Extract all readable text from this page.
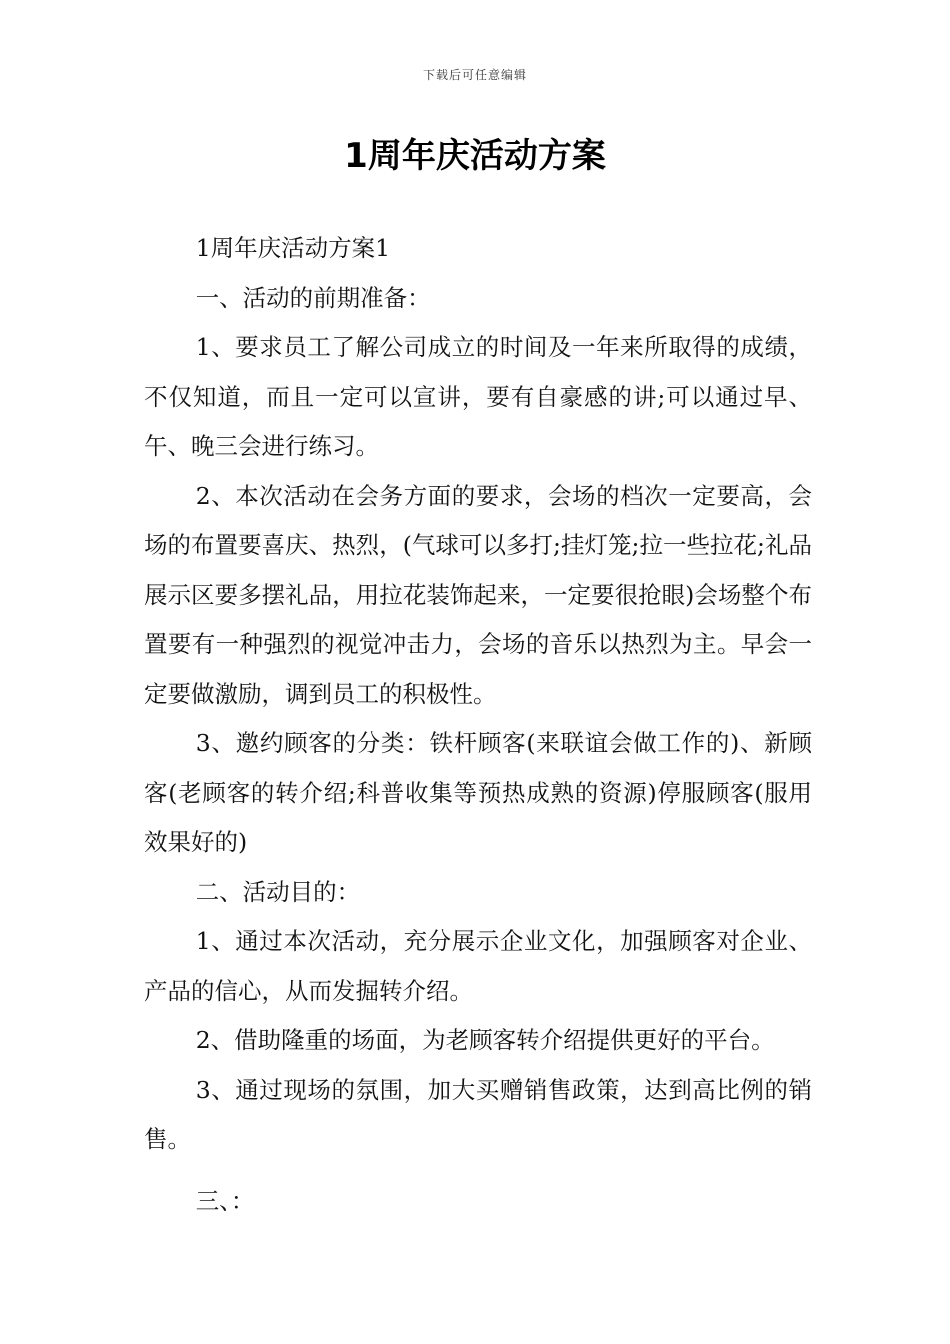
下载后可任意编辑
1周年庆活动方案

1周年庆活动方案1

一、活动的前期准备：

1、要求员工了解公司成立的时间及一年来所取得的成绩，不仅知道，而且一定可以宣讲，要有自豪感的讲;可以通过早、午、晚三会进行练习。

2、本次活动在会务方面的要求，会场的档次一定要高，会场的布置要喜庆、热烈，(气球可以多打;挂灯笼;拉一些拉花;礼品展示区要多摆礼品，用拉花装饰起来，一定要很抢眼)会场整个布置要有一种强烈的视觉冲击力，会场的音乐以热烈为主。早会一定要做激励，调到员工的积极性。

3、邀约顾客的分类：铁杆顾客(来联谊会做工作的)、新顾客(老顾客的转介绍;科普收集等预热成熟的资源)停服顾客(服用效果好的)

二、活动目的：

1、通过本次活动，充分展示企业文化，加强顾客对企业、产品的信心，从而发掘转介绍。

2、借助隆重的场面，为老顾客转介绍提供更好的平台。

3、通过现场的氛围，加大买赠销售政策，达到高比例的销售。

三、：
